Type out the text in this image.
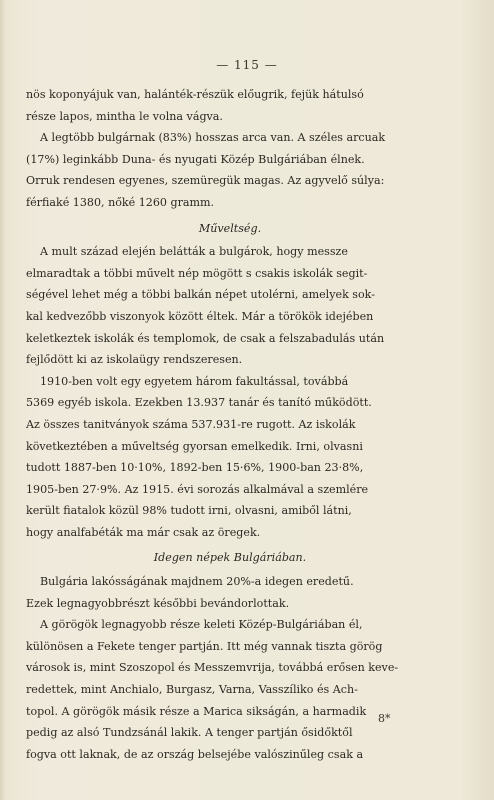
— 115 —
nös koponyájuk van, halánték-részük előugrik, fejük hátulsó
része lapos, mintha le volna vágva.
A legtöbb bulgárnak (83%) hosszas arca van. A széles arcuak
(17%) leginkább Duna- és nyugati Közép Bulgáriában élnek.
Orruk rendesen egyenes, szemüregük magas. Az agyvelő súlya:
férfiaké 1380, nőké 1260 gramm.
Műveltség.
A mult század elején belátták a bulgárok, hogy messze
elmaradtak a többi művelt nép mögött s csakis iskolák segit-
ségével lehet még a többi balkán népet utolérni, amelyek sok-
kal kedvezőbb viszonyok között éltek. Már a törökök idejében
keletkeztek iskolák és templomok, de csak a felszabadulás után
fejlődött ki az iskolaügy rendszeresen.
1910-ben volt egy egyetem három fakultással, továbbá
5369 egyéb iskola. Ezekben 13.937 tanár és tanító működött.
Az összes tanitványok száma 537.931-re rugott. Az iskolák
következtében a műveltség gyorsan emelkedik. Irni, olvasni
tudott 1887-ben 10·10%, 1892-ben 15·6%, 1900-ban 23·8%,
1905-ben 27·9%. Az 1915. évi sorozás alkalmával a szemlére
került fiatalok közül 98% tudott irni, olvasni, amiből látni,
hogy analfabéták ma már csak az öregek.
Idegen népek Bulgáriában.
Bulgária lakósságának majdnem 20%-a idegen eredetű.
Ezek legnagyobbrészt későbbi bevándorlottak.
A görögök legnagyobb része keleti Közép-Bulgáriában él,
különösen a Fekete tenger partján. Itt még vannak tiszta görög
városok is, mint Szoszopol és Messzemvrija, továbbá erősen keve-
redettek, mint Anchialo, Burgasz, Varna, Vasszíliko és Ach-
topol. A görögök másik része a Marica sikságán, a harmadik
pedig az alsó Tundzsánál lakik. A tenger partján ősidőktől
fogva ott laknak, de az ország belsejébe valószinűleg csak a
8*
